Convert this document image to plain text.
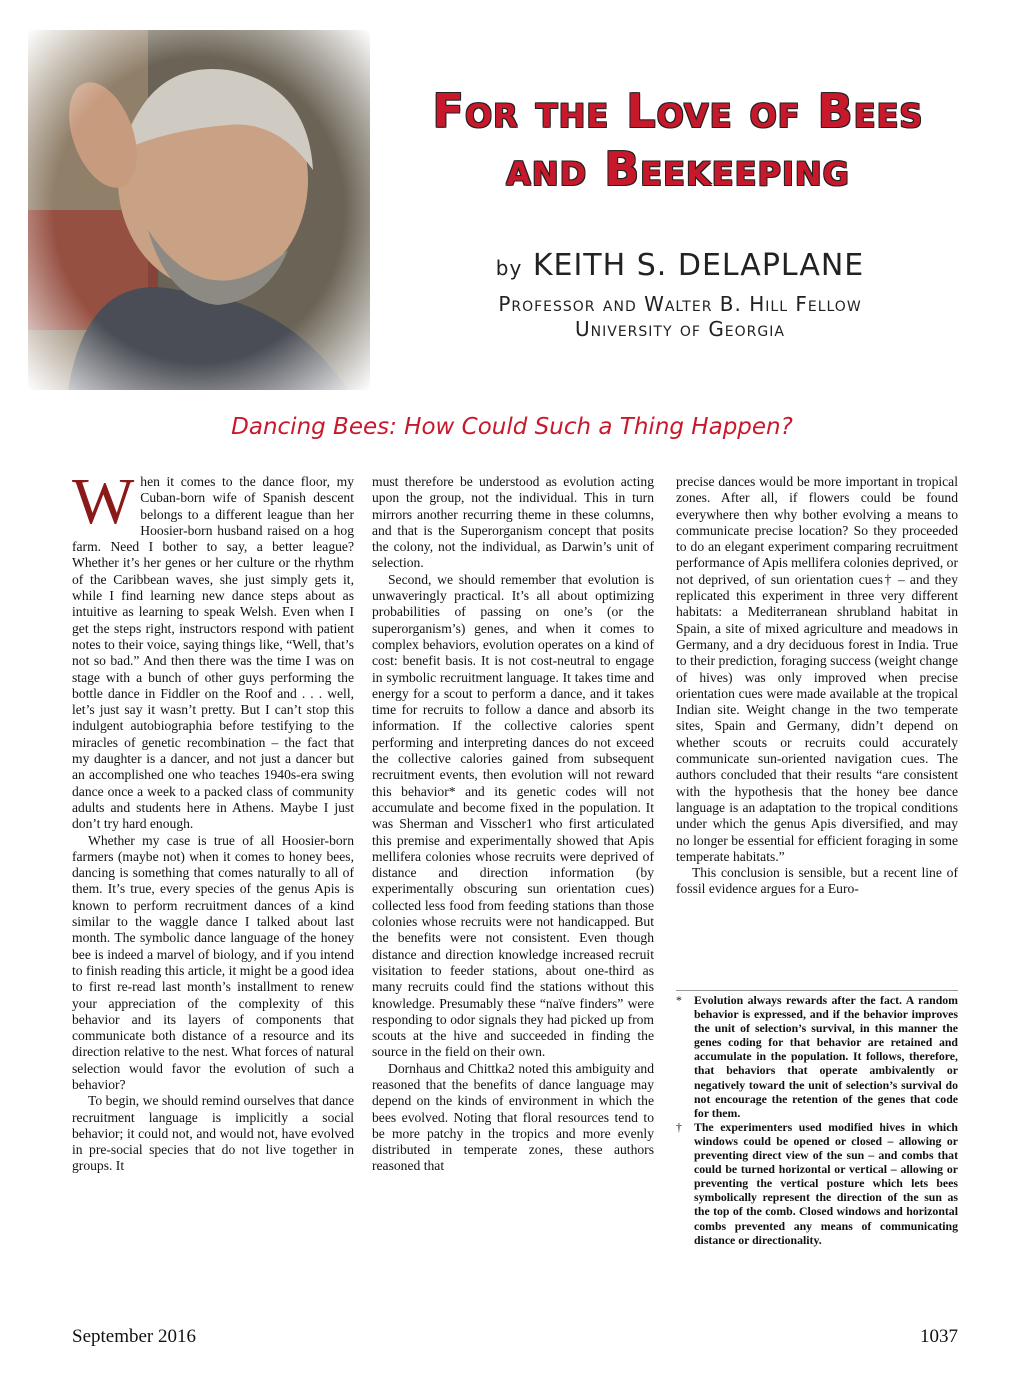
For the Love of Bees
and Beekeeping
by KEITH S. DELAPLANE
Professor and Walter B. Hill Fellow
University of Georgia
Dancing Bees: How Could Such a Thing Happen?

When it comes to the dance floor, my Cuban-born wife of Spanish descent belongs to a different league than her Hoosier-born husband raised on a hog farm. Need I bother to say, a better league? Whether it’s her genes or her culture or the rhythm of the Caribbean waves, she just simply gets it, while I find learning new dance steps about as intuitive as learning to speak Welsh. Even when I get the steps right, instructors respond with patient notes to their voice, saying things like, “Well, that’s not so bad.” And then there was the time I was on stage with a bunch of other guys performing the bottle dance in Fiddler on the Roof and . . . well, let’s just say it wasn’t pretty. But I can’t stop this indulgent autobiographia before testifying to the miracles of genetic recombination – the fact that my daughter is a dancer, and not just a dancer but an accomplished one who teaches 1940s-era swing dance once a week to a packed class of community adults and students here in Athens. Maybe I just don’t try hard enough.

Whether my case is true of all Hoosier-born farmers (maybe not) when it comes to honey bees, dancing is something that comes naturally to all of them. It’s true, every species of the genus Apis is known to perform recruitment dances of a kind similar to the waggle dance I talked about last month. The symbolic dance language of the honey bee is indeed a marvel of biology, and if you intend to finish reading this article, it might be a good idea to first re-read last month’s installment to renew your appreciation of the complexity of this behavior and its layers of components that communicate both distance of a resource and its direction relative to the nest. What forces of natural selection would favor the evolution of such a behavior?

To begin, we should remind ourselves that dance recruitment language is implicitly a social behavior; it could not, and would not, have evolved in pre-social species that do not live together in groups. It

must therefore be understood as evolution acting upon the group, not the individual. This in turn mirrors another recurring theme in these columns, and that is the Superorganism concept that posits the colony, not the individual, as Darwin’s unit of selection.

Second, we should remember that evolution is unwaveringly practical. It’s all about optimizing probabilities of passing on one’s (or the superorganism’s) genes, and when it comes to complex behaviors, evolution operates on a kind of cost: benefit basis. It is not cost-neutral to engage in symbolic recruitment language. It takes time and energy for a scout to perform a dance, and it takes time for recruits to follow a dance and absorb its information. If the collective calories spent performing and interpreting dances do not exceed the collective calories gained from subsequent recruitment events, then evolution will not reward this behavior* and its genetic codes will not accumulate and become fixed in the population. It was Sherman and Visscher1 who first articulated this premise and experimentally showed that Apis mellifera colonies whose recruits were deprived of distance and direction information (by experimentally obscuring sun orientation cues) collected less food from feeding stations than those colonies whose recruits were not handicapped. But the benefits were not consistent. Even though distance and direction knowledge increased recruit visitation to feeder stations, about one-third as many recruits could find the stations without this knowledge. Presumably these “naïve finders” were responding to odor signals they had picked up from scouts at the hive and succeeded in finding the source in the field on their own.

Dornhaus and Chittka2 noted this ambiguity and reasoned that the benefits of dance language may depend on the kinds of environment in which the bees evolved. Noting that floral resources tend to be more patchy in the tropics and more evenly distributed in temperate zones, these authors reasoned that

precise dances would be more important in tropical zones. After all, if flowers could be found everywhere then why bother evolving a means to communicate precise location? So they proceeded to do an elegant experiment comparing recruitment performance of Apis mellifera colonies deprived, or not deprived, of sun orientation cues† – and they replicated this experiment in three very different habitats: a Mediterranean shrubland habitat in Spain, a site of mixed agriculture and meadows in Germany, and a dry deciduous forest in India. True to their prediction, foraging success (weight change of hives) was only improved when precise orientation cues were made available at the tropical Indian site. Weight change in the two temperate sites, Spain and Germany, didn’t depend on whether scouts or recruits could accurately communicate sun-oriented navigation cues. The authors concluded that their results “are consistent with the hypothesis that the honey bee dance language is an adaptation to the tropical conditions under which the genus Apis diversified, and may no longer be essential for efficient foraging in some temperate habitats.”

This conclusion is sensible, but a recent line of fossil evidence argues for a Euro-

* Evolution always rewards after the fact. A random behavior is expressed, and if the behavior improves the unit of selection’s survival, in this manner the genes coding for that behavior are retained and accumulate in the population. It follows, therefore, that behaviors that operate ambivalently or negatively toward the unit of selection’s survival do not encourage the retention of the genes that code for them.
† The experimenters used modified hives in which windows could be opened or closed – allowing or preventing direct view of the sun – and combs that could be turned horizontal or vertical – allowing or preventing the vertical posture which lets bees symbolically represent the direction of the sun as the top of the comb. Closed windows and horizontal combs prevented any means of communicating distance or directionality.
September 2016	1037
